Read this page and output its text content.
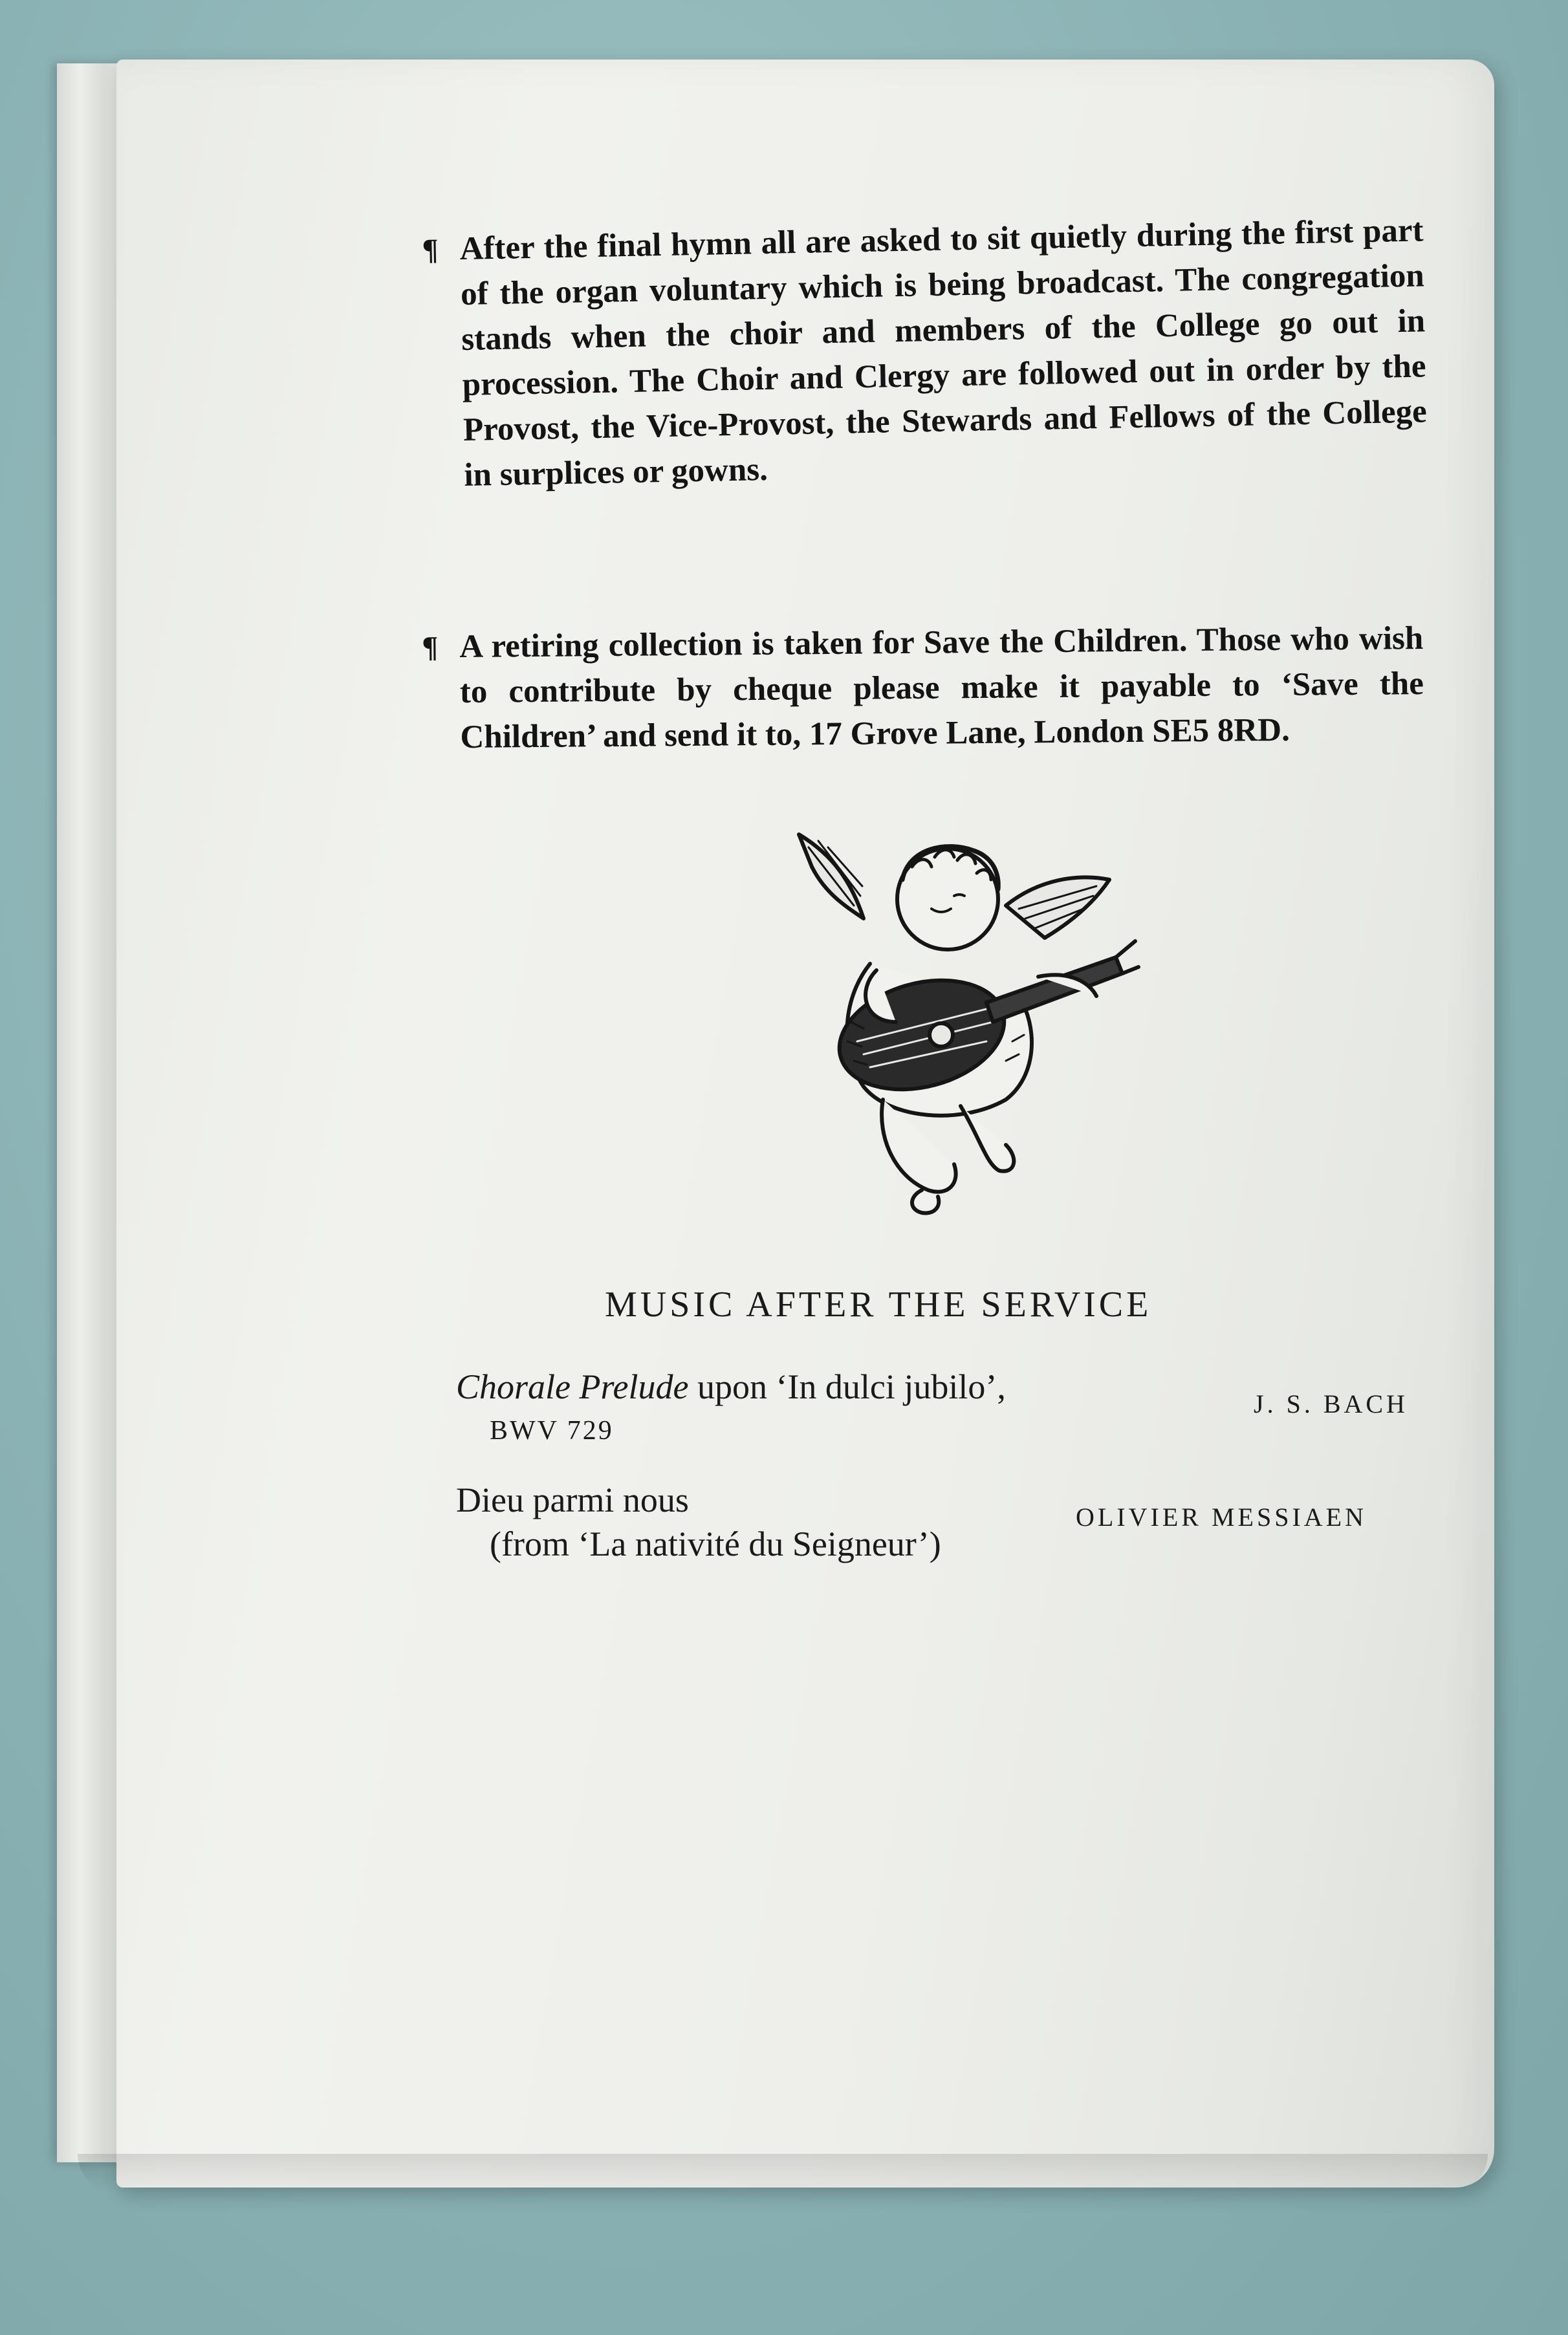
¶ After the final hymn all are asked to sit quietly during the first part of the organ voluntary which is being broadcast. The congregation stands when the choir and members of the College go out in procession. The Choir and Clergy are followed out in order by the Provost, the Vice-Provost, the Stewards and Fellows of the College in surplices or gowns.
¶ A retiring collection is taken for Save the Children. Those who wish to contribute by cheque please make it payable to ‘Save the Children’ and send it to, 17 Grove Lane, London SE5 8RD.
MUSIC AFTER THE SERVICE
Chorale Prelude upon ‘In dulci jubilo’,
BWV 729
J. S. BACH
Dieu parmi nous
(from ‘La nativité du Seigneur’)
OLIVIER MESSIAEN
